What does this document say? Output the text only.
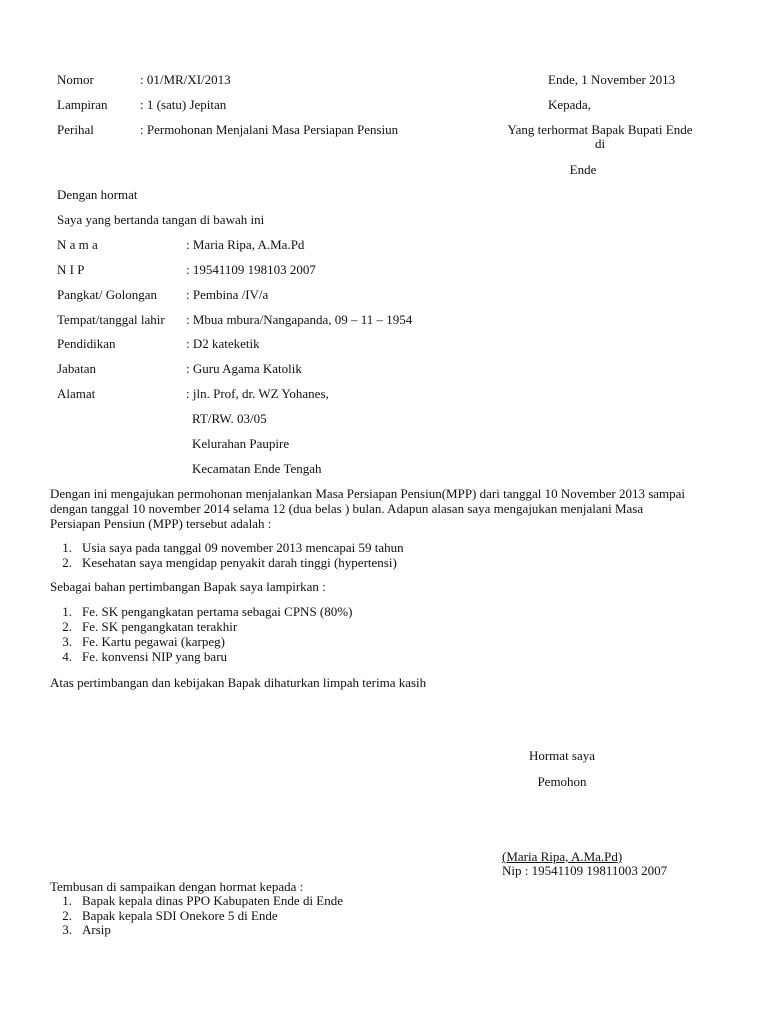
Nomor	: 01/MR/XI/2013
Lampiran : 1 (satu) Jepitan
Perihal	: Permohonan Menjalani Masa Persiapan Pensiun
Ende, 1 November 2013
Kepada,
Yang terhormat Bapak Bupati Ende
di
Ende
Dengan hormat
Saya yang bertanda tangan di bawah ini
N a m a	: Maria Ripa, A.Ma.Pd
N I P	: 19541109 198103 2007
Pangkat/ Golongan : Pembina /IV/a
Tempat/tanggal lahir : Mbua mbura/Nangapanda, 09 – 11 – 1954
Pendidikan	: D2 kateketik
Jabatan	: Guru Agama Katolik
Alamat	: jln. Prof, dr. WZ Yohanes,
RT/RW. 03/05
Kelurahan Paupire
Kecamatan Ende Tengah
Dengan ini mengajukan permohonan menjalankan Masa Persiapan Pensiun(MPP) dari tanggal 10 November 2013 sampai
dengan tanggal 10 november 2014 selama 12 (dua belas ) bulan. Adapun alasan saya mengajukan menjalani Masa
Persiapan Pensiun (MPP) tersebut adalah :
1. Usia saya pada tanggal 09 november 2013 mencapai 59 tahun
2. Kesehatan saya mengidap penyakit darah tinggi (hypertensi)
Sebagai bahan pertimbangan Bapak saya lampirkan :
1. Fe. SK pengangkatan pertama sebagai CPNS (80%)
2. Fe. SK pengangkatan terakhir
3. Fe. Kartu pegawai (karpeg)
4. Fe. konvensi NIP yang baru
Atas pertimbangan dan kebijakan Bapak dihaturkan limpah terima kasih
Hormat saya
Pemohon
(Maria Ripa, A.Ma.Pd)
Nip : 19541109 19811003 2007
Tembusan di sampaikan dengan hormat kepada :
1. Bapak kepala dinas PPO Kabupaten Ende di Ende
2. Bapak kepala SDI Onekore 5 di Ende
3. Arsip
